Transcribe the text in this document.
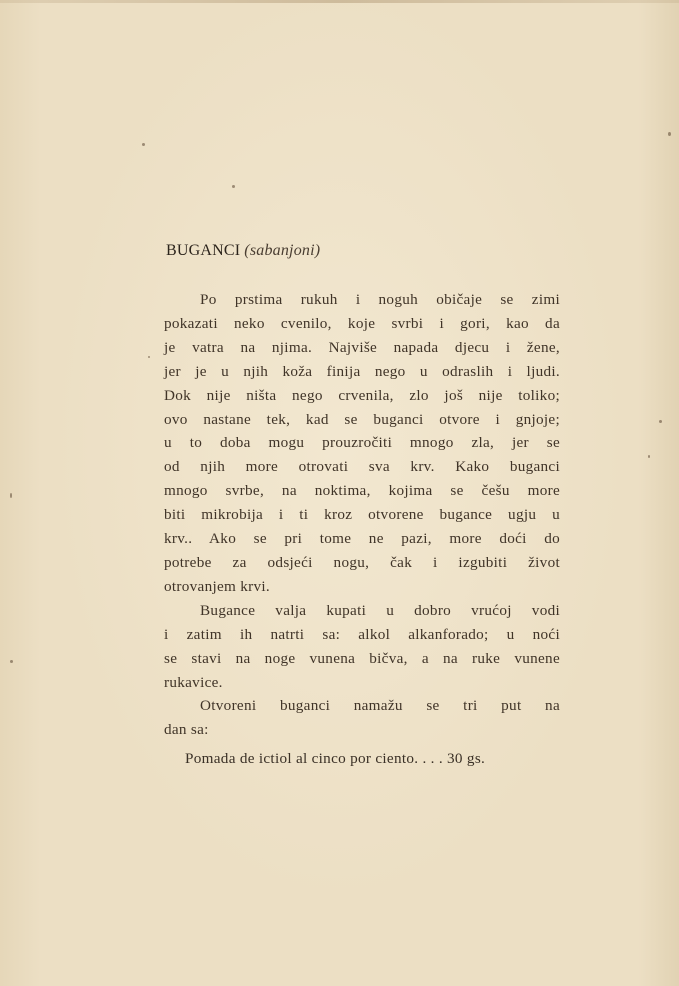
BUGANCI (sabanjoni)

Po prstima rukuh i noguh običaje se zimi
pokazati neko cvenilo, koje svrbi i gori, kao da
je vatra na njima. Najviše napada djecu i žene,
jer je u njih koža finija nego u odraslih i ljudi.
Dok nije ništa nego crvenila, zlo još nije toliko;
ovo nastane tek, kad se buganci otvore i gnjoje;
u to doba mogu prouzročiti mnogo zla, jer se
od njih more otrovati sva krv. Kako buganci
mnogo svrbe, na noktima, kojima se češu more
biti mikrobija i ti kroz otvorene bugance ugju u
krv.. Ako se pri tome ne pazi, more doći do
potrebe za odsjeći nogu, čak i izgubiti život
otrovanjem krvi.

Bugance valja kupati u dobro vrućoj vodi
i zatim ih natrti sa: alkol alkanforado; u noći
se stavi na noge vunena bičva, a na ruke vunene
rukavice.

Otvoreni buganci namažu se tri put na
dan sa:

Pomada de ictiol al cinco por ciento. . . . 30 gs.
